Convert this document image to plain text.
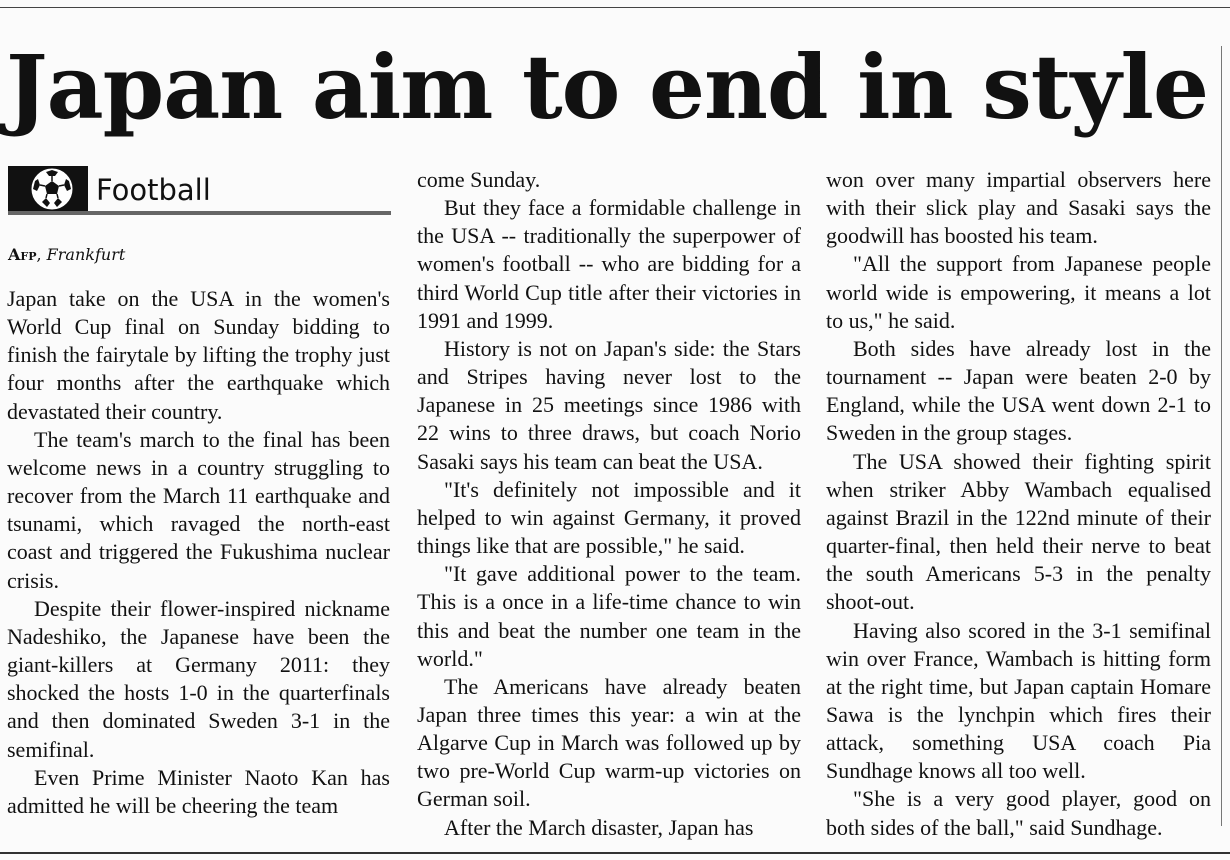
Japan aim to end in style
Football
Afp, Frankfurt

Japan take on the USA in the women's World Cup final on Sunday bidding to finish the fairytale by lifting the trophy just four months after the earthquake which devastated their country.

The team's march to the final has been welcome news in a country struggling to recover from the March 11 earthquake and tsunami, which ravaged the north-east coast and triggered the Fukushima nuclear crisis.

Despite their flower-inspired nickname Nadeshiko, the Japanese have been the giant-killers at Germany 2011: they shocked the hosts 1-0 in the quarterfinals and then dominated Sweden 3-1 in the semifinal.

Even Prime Minister Naoto Kan has admitted he will be cheering the team

come Sunday.

But they face a formidable challenge in the USA -- traditionally the superpower of women's football -- who are bidding for a third World Cup title after their victories in 1991 and 1999.

History is not on Japan's side: the Stars and Stripes having never lost to the Japanese in 25 meetings since 1986 with 22 wins to three draws, but coach Norio Sasaki says his team can beat the USA.

"It's definitely not impossible and it helped to win against Germany, it proved things like that are possible," he said.

"It gave additional power to the team. This is a once in a life-time chance to win this and beat the number one team in the world."

The Americans have already beaten Japan three times this year: a win at the Algarve Cup in March was followed up by two pre-World Cup warm-up victories on German soil.

After the March disaster, Japan has

won over many impartial observers here with their slick play and Sasaki says the goodwill has boosted his team.

"All the support from Japanese people world wide is empowering, it means a lot to us," he said.

Both sides have already lost in the tournament -- Japan were beaten 2-0 by England, while the USA went down 2-1 to Sweden in the group stages.

The USA showed their fighting spirit when striker Abby Wambach equalised against Brazil in the 122nd minute of their quarter-final, then held their nerve to beat the south Americans 5-3 in the penalty shoot-out.

Having also scored in the 3-1 semifinal win over France, Wambach is hitting form at the right time, but Japan captain Homare Sawa is the lynchpin which fires their attack, something USA coach Pia Sundhage knows all too well.

"She is a very good player, good on both sides of the ball," said Sundhage.
